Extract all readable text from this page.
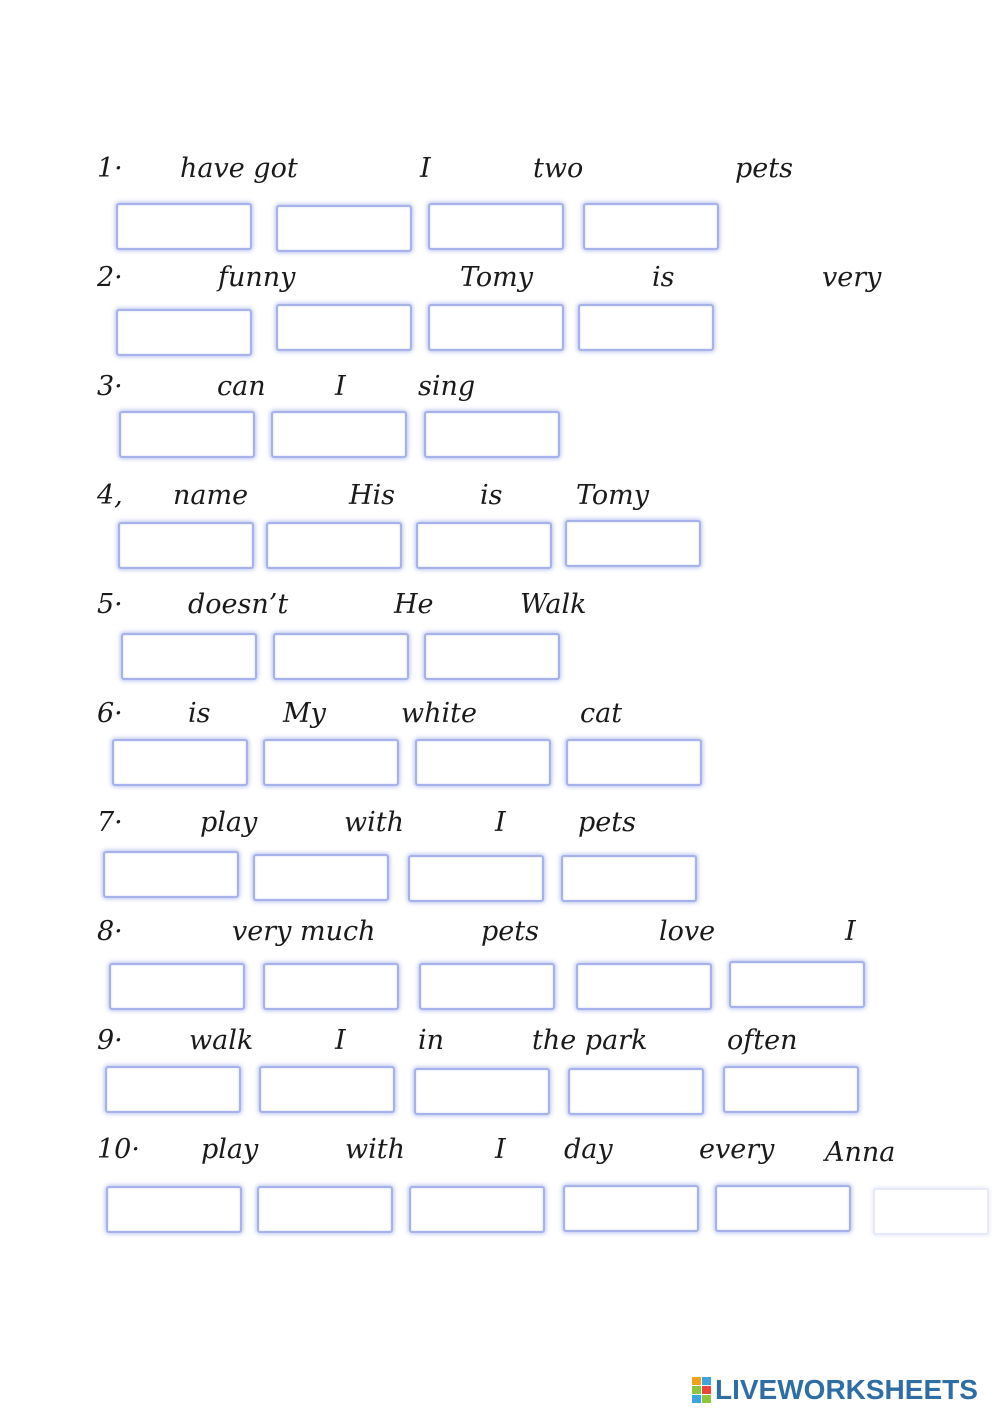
1· have got	I	two	pets
2·	funny	Tomy	is	very
3·	can	I	sing
4, name	His	is	Tomy
5· doesn’t	He	Walk
6· is	My	white	cat
7·	play	with	I	pets
8·	very much	pets	love	I
9· walk	I	in	the park	often
10· play	with	I day	every Anna
LIVEWORKSHEETS
